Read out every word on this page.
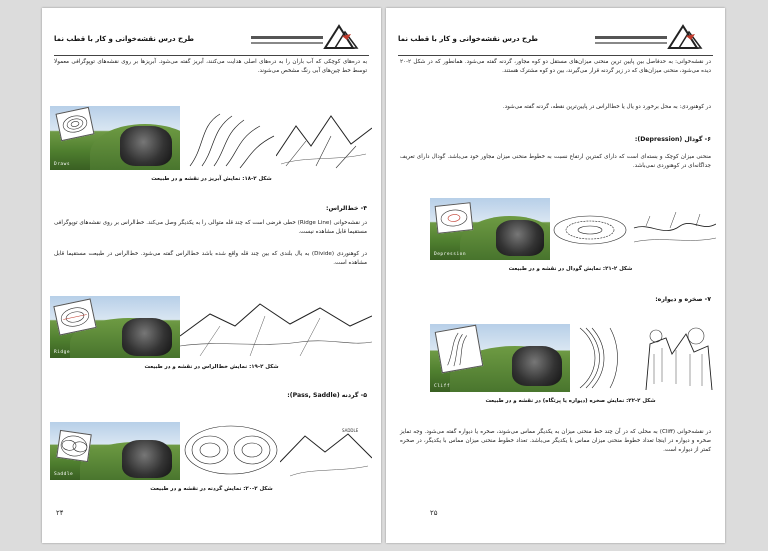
طرح درس نقشه‌خوانی و کار با قطب نما
به دره‌های کوچکی که آب باران را به دره‌های اصلی هدایت می‌کنند، آبریز گفته می‌شود. آبریزها بر روی نقشه‌های توپوگرافی معمولا توسط خط چین‌های آبی رنگ مشخص می‌شوند.
Draws
شکل ۲-۱۸: نمایش آبریز در نقشه و در طبیعت
۴- خط‌الراس:
در نقشه‌خوانی (Ridge Line) خطی فرضی است که چند قله متوالی را به یکدیگر وصل می‌کند. خط‌الراس بر روی نقشه‌های توپوگرافی مستقیما قابل مشاهده نیست.
در کوهنوردی (Divide) به یال بلندی که بین چند قله واقع شده باشد خط‌الراس گفته می‌شود. خط‌الراس در طبیعت مستقیما قابل مشاهده است.
Ridge
شکل ۲-۱۹: نمایش خط‌الراس در نقشه و در طبیعت
۵- گردنه (Pass, Saddle):
Saddle
SADDLE
شکل ۲-۲۰: نمایش گردنه در نقشه و در طبیعت
۲۴
طرح درس نقشه‌خوانی و کار با قطب نما
در نقشه‌خوانی: به حدفاصل بین پایین ترین منحنی میزان‌های مستقل دو کوه مجاور، گردنه گفته می‌شود. همانطور که در شکل ۲-۲۰ دیده می‌شود، منحنی میزان‌های که در زیر گردنه قرار می‌گیرند، بین دو کوه مشترک هستند.
در کوهنوردی: به محل برخورد دو یال یا خط‌الراس در پایین‌ترین نقطه، گردنه گفته می‌شود.
۶- گودال (Depression):
منحنی میزان کوچک و بسته‌ای است که دارای کمترین ارتفاع نسبت به خطوط منحنی میزان مجاور خود می‌باشد. گودال دارای تعریف جداگانه‌ای در کوهنوردی نمی‌باشد.
Depression
شکل ۲-۲۱: نمایش گودال در نقشه و در طبیعت
۷- صخره و دیواره:
Cliff
شکل ۲-۲۲: نمایش صخره (دیواره یا پرتگاه) در نقشه و در طبیعت
در نقشه‌خوانی (Cliff) به محلی که در آن چند خط منحنی میزان به یکدیگر مماس می‌شوند، صخره یا دیواره گفته می‌شود. وجه تمایز صخره و دیواره در اینجا تعداد خطوط منحنی میزان مماس با یکدیگر می‌باشد. تعداد خطوط منحنی میزان مماس با یکدیگر، در صخره کمتر از دیواره است.
۲۵
